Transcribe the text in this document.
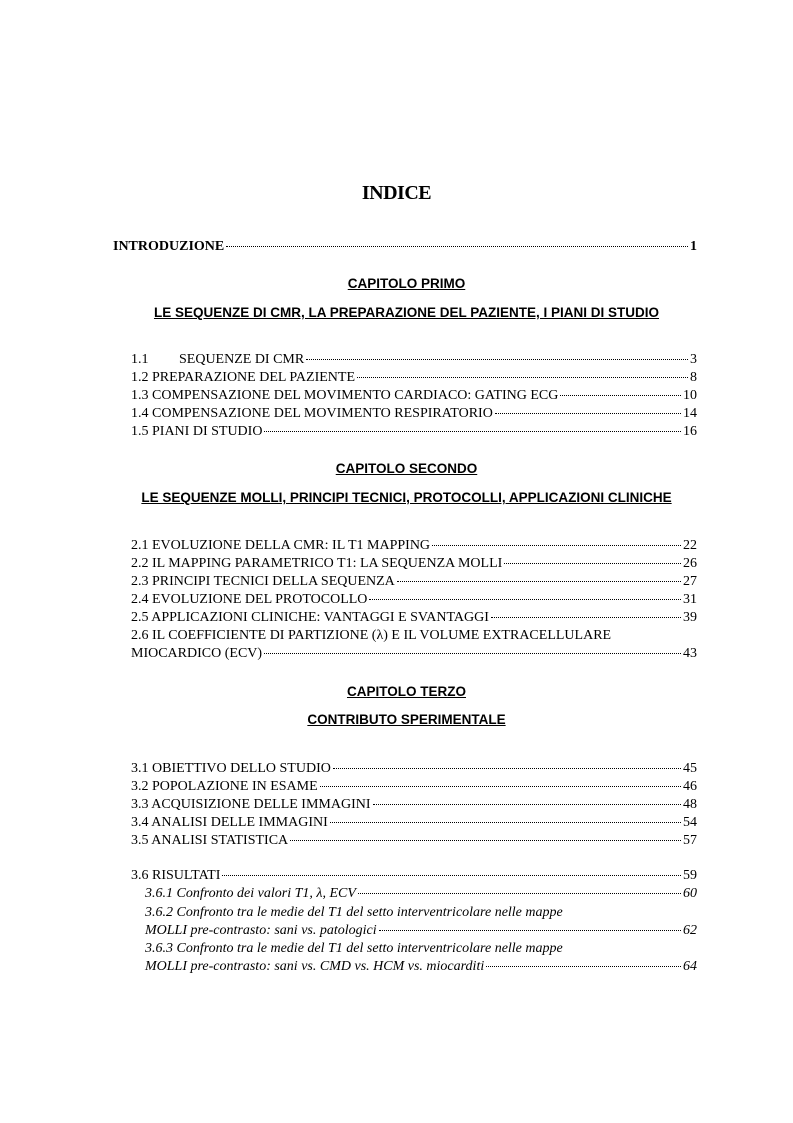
INDICE
INTRODUZIONE	1
CAPITOLO PRIMO
LE SEQUENZE DI CMR, LA PREPARAZIONE DEL PAZIENTE, I PIANI DI STUDIO
1.1 SEQUENZE DI CMR	3
1.2 PREPARAZIONE DEL PAZIENTE	8
1.3 COMPENSAZIONE DEL MOVIMENTO CARDIACO: GATING ECG	10
1.4 COMPENSAZIONE DEL MOVIMENTO RESPIRATORIO	14
1.5 PIANI DI STUDIO	16
CAPITOLO SECONDO
LE SEQUENZE MOLLI, PRINCIPI TECNICI, PROTOCOLLI, APPLICAZIONI CLINICHE
2.1 EVOLUZIONE DELLA CMR: IL T1 MAPPING	22
2.2 IL MAPPING PARAMETRICO T1: LA SEQUENZA MOLLI	26
2.3 PRINCIPI TECNICI DELLA SEQUENZA	27
2.4 EVOLUZIONE DEL PROTOCOLLO	31
2.5 APPLICAZIONI CLINICHE: VANTAGGI E SVANTAGGI	39
2.6 IL COEFFICIENTE DI PARTIZIONE (λ) E IL VOLUME EXTRACELLULARE
MIOCARDICO (ECV)	43
CAPITOLO TERZO
CONTRIBUTO SPERIMENTALE
3.1 OBIETTIVO DELLO STUDIO	45
3.2 POPOLAZIONE IN ESAME	46
3.3 ACQUISIZIONE DELLE IMMAGINI	48
3.4 ANALISI DELLE IMMAGINI	54
3.5 ANALISI STATISTICA	57
3.6 RISULTATI	59
3.6.1 Confronto dei valori T1, λ, ECV	60
3.6.2 Confronto tra le medie del T1 del setto interventricolare nelle mappe
MOLLI pre-contrasto: sani vs. patologici	62
3.6.3 Confronto tra le medie del T1 del setto interventricolare nelle mappe
MOLLI pre-contrasto: sani vs. CMD vs. HCM vs. miocarditi	64
